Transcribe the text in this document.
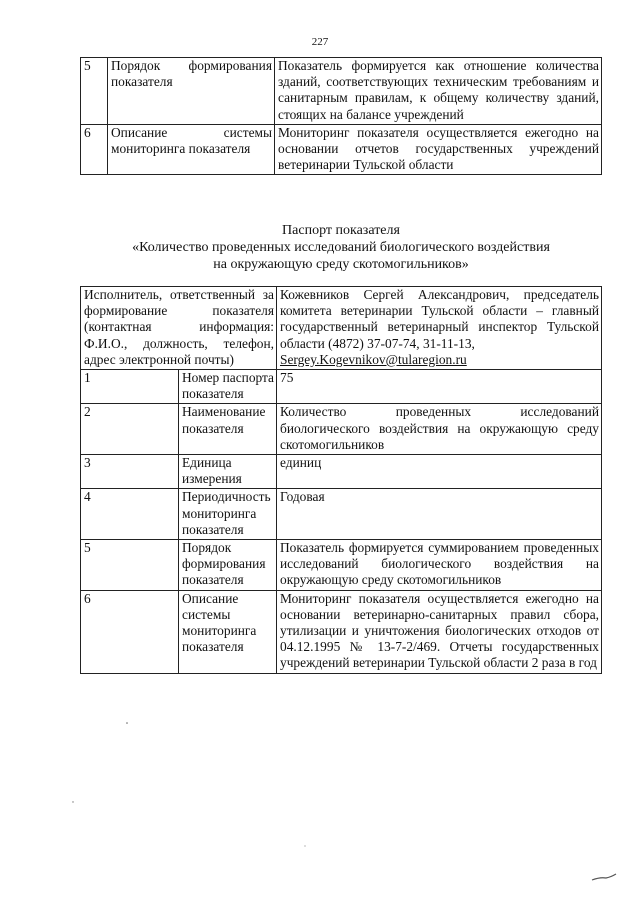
227
5	Порядок формирования показателя	Показатель формируется как отношение количества зданий, соответствующих техническим требованиям и санитарным правилам, к общему количеству зданий, стоящих на балансе учреждений
6	Описание системы мониторинга показателя	Мониторинг показателя осуществляется ежегодно на основании отчетов государственных учреждений ветеринарии Тульской области
Паспорт показателя
«Количество проведенных исследований биологического воздействия
на окружающую среду скотомогильников»
Исполнитель, ответственный за формирование показателя (контактная информация: Ф.И.О., должность, телефон, адрес электронной почты)		Кожевников Сергей Александрович, председатель комитета ветеринарии Тульской области – главный государственный ветеринарный инспектор Тульской области (4872) 37-07-74, 31-11-13,
Sergey.Kogevnikov@tularegion.ru
1	Номер паспорта показателя	75
2	Наименование показателя	Количество проведенных исследований биологического воздействия на окружающую среду скотомогильников
3	Единица измерения	единиц
4	Периодичность мониторинга показателя	Годовая
5	Порядок формирования показателя	Показатель формируется суммированием проведенных исследований биологического воздействия на окружающую среду скотомогильников
6	Описание системы мониторинга показателя	Мониторинг показателя осуществляется ежегодно на основании ветеринарно-санитарных правил сбора, утилизации и уничтожения биологических отходов от 04.12.1995 № 13-7-2/469. Отчеты государственных учреждений ветеринарии Тульской области 2 раза в год
